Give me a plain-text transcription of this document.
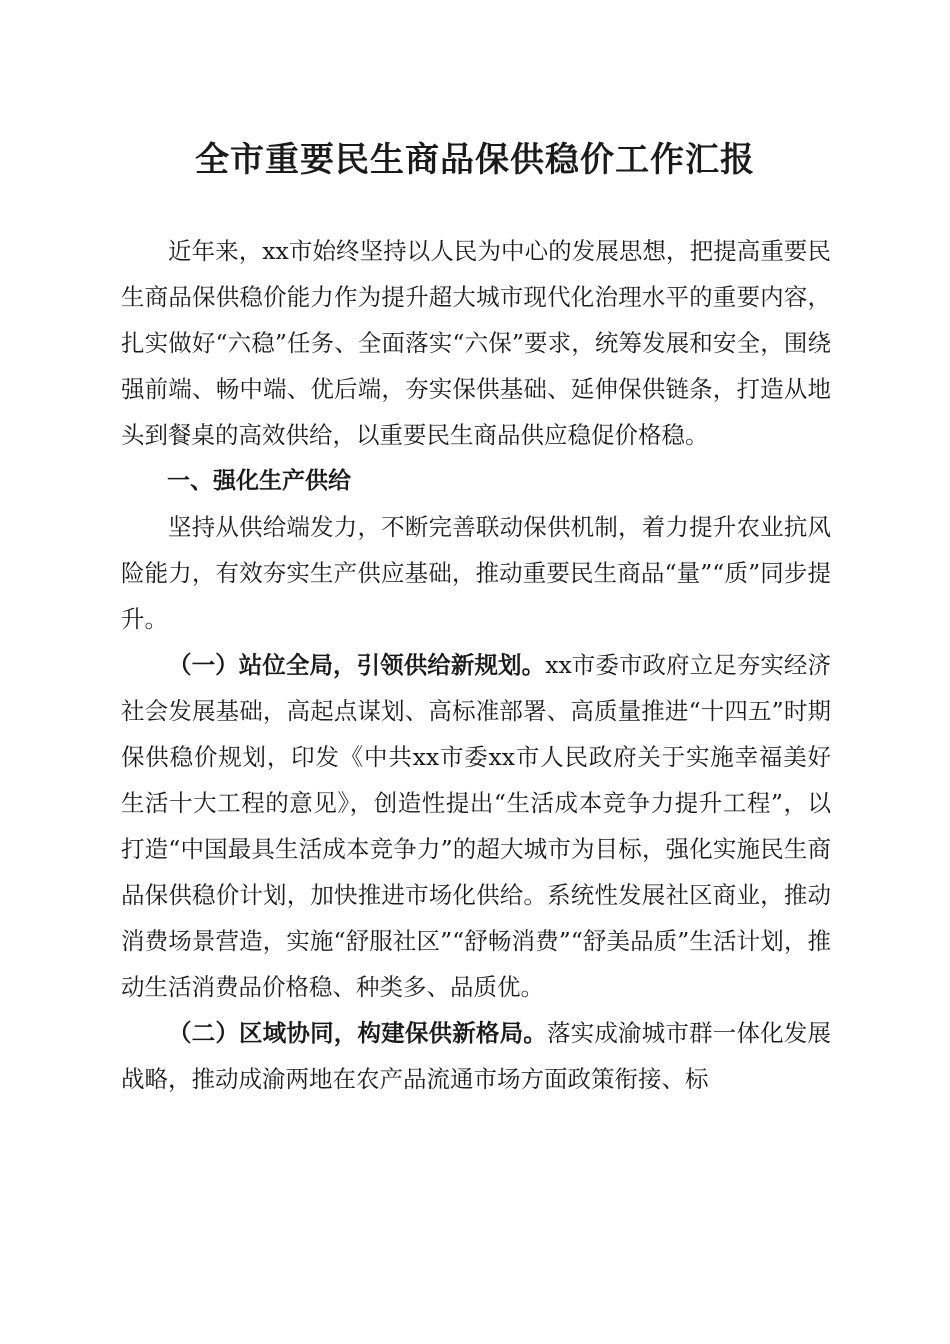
全市重要民生商品保供稳价工作汇报

近年来，xx市始终坚持以人民为中心的发展思想，把提高重要民生商品保供稳价能力作为提升超大城市现代化治理水平的重要内容，扎实做好“六稳”任务、全面落实“六保”要求，统筹发展和安全，围绕强前端、畅中端、优后端，夯实保供基础、延伸保供链条，打造从地头到餐桌的高效供给，以重要民生商品供应稳促价格稳。

一、强化生产供给

坚持从供给端发力，不断完善联动保供机制，着力提升农业抗风险能力，有效夯实生产供应基础，推动重要民生商品“量”“质”同步提升。

（一）站位全局，引领供给新规划。xx市委市政府立足夯实经济社会发展基础，高起点谋划、高标准部署、高质量推进“十四五”时期保供稳价规划，印发《中共xx市委xx市人民政府关于实施幸福美好生活十大工程的意见》，创造性提出“生活成本竞争力提升工程”，以打造“中国最具生活成本竞争力”的超大城市为目标，强化实施民生商品保供稳价计划，加快推进市场化供给。系统性发展社区商业，推动消费场景营造，实施“舒服社区”“舒畅消费”“舒美品质”生活计划，推动生活消费品价格稳、种类多、品质优。

（二）区域协同，构建保供新格局。落实成渝城市群一体化发展战略，推动成渝两地在农产品流通市场方面政策衔接、标
